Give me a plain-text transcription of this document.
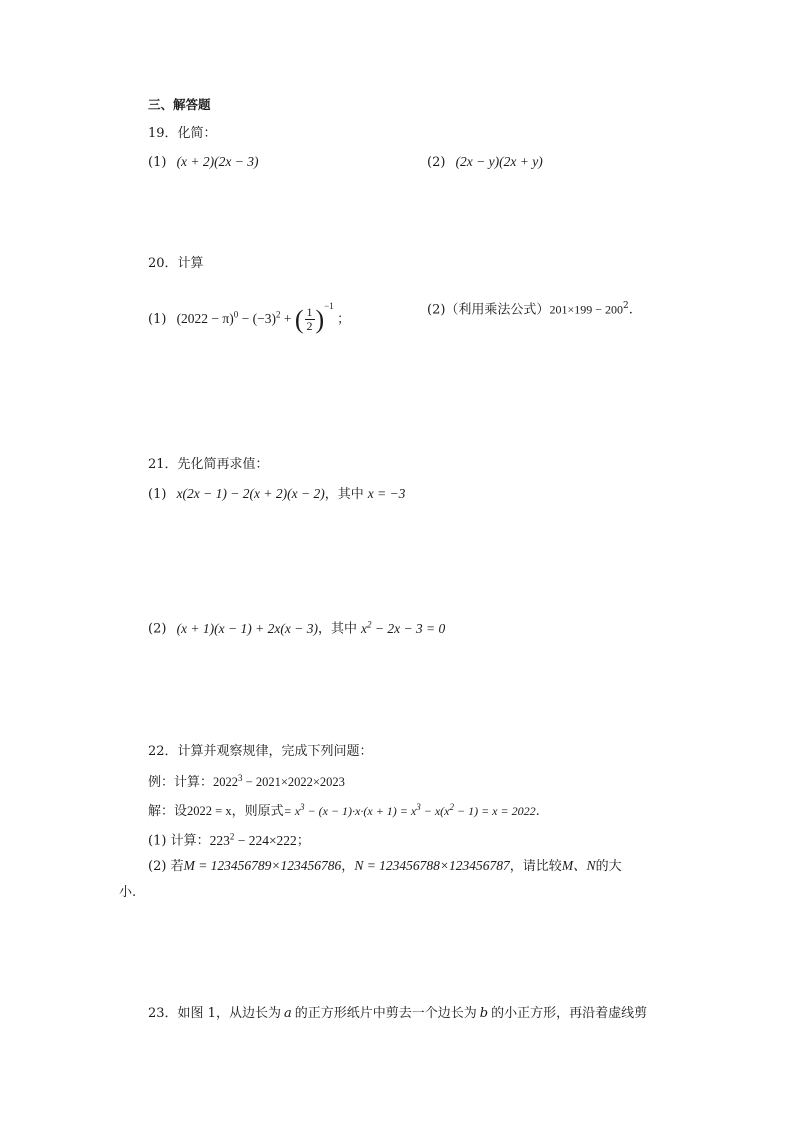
三、解答题
19．化简：
(1) (x + 2)(2x − 3)	(2) (2x − y)(2x + y)
20．计算
(1) $(2022 - \pi)^0 - (-3)^2$ + ( $\frac{1}{2} )^{-1}$ ；
(2)（利用乘法公式）$201\times 199 - 200^2$.
21．先化简再求值：
(1) x(2x − 1) − 2(x + 2)(x − 2)，其中 x = −3
(2) (x + 1)(x − 1) + 2x(x − 3)，其中 $x^2 - 2x - 3 = 0$
22．计算并观察规律，完成下列问题：
例：计算：$2022^3 - 2021\times 2022\times 2023$
解：设2022 = x，则原式= $x^3 - (x - 1)\cdot x\cdot(x + 1) = x^3 - x(x^2 - 1) = x = 2022$.
(1) 计算：$223^2 - 224\times 222$；
(2) 若M = 123456789×123456786，N = 123456788×123456787，请比较M、N的大
小.
23．如图 1，从边长为 a 的正方形纸片中剪去一个边长为 b 的小正方形，再沿着虚线剪
